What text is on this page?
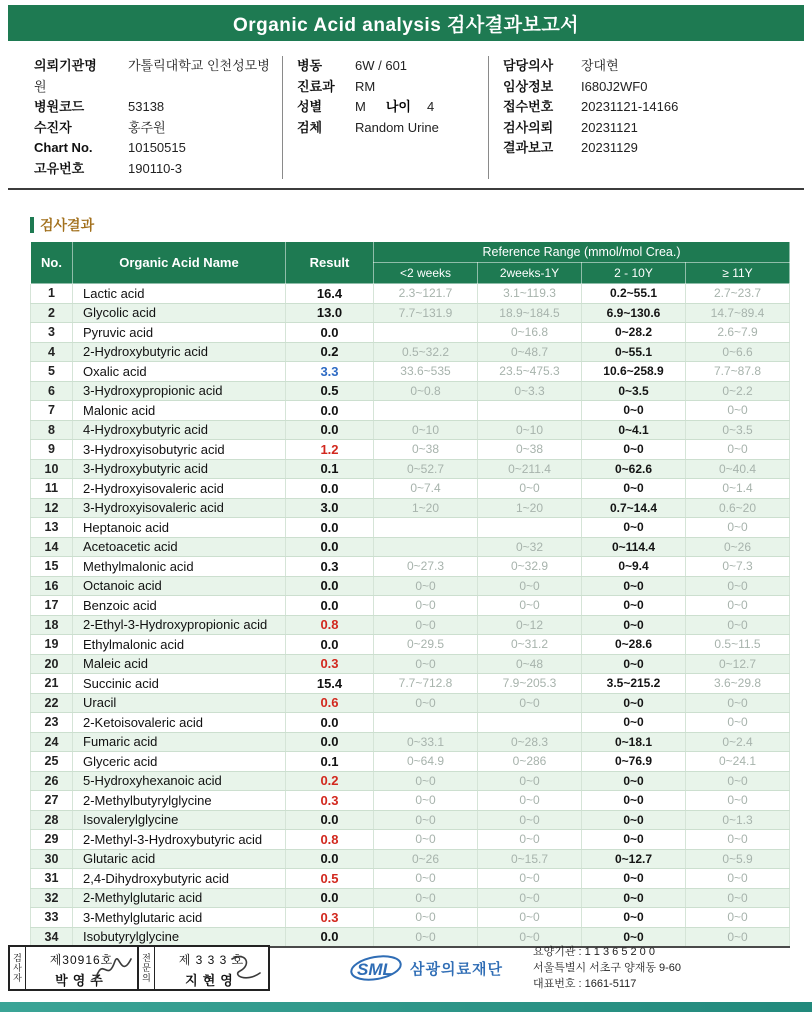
Organic Acid analysis 검사결과보고서
의뢰기관명 가톨릭대학교 인천성모병원
병원코드	53138
수진자	홍주원
Chart No.	10150515
고유번호	190110-3
병동	6W / 601
진료과 RM
성별	M 나이 4
검체	Random Urine
담당의사 장대현
임상정보 I680J2WF0
접수번호 20231121-14166
검사의뢰 20231121
결과보고 20231129
검사결과
No.	Organic Acid Name	Result	Reference Range (mmol/mol Crea.)			
			<2 weeks	2weeks-1Y	2 - 10Y	≥ 11Y
1	Lactic acid	16.4	2.3~121.7	3.1~119.3	0.2~55.1	2.7~23.7
2	Glycolic acid	13.0	7.7~131.9	18.9~184.5	6.9~130.6	14.7~89.4
3	Pyruvic acid	0.0		0~16.8	0~28.2	2.6~7.9
4	2-Hydroxybutyric acid	0.2	0.5~32.2	0~48.7	0~55.1	0~6.6
5	Oxalic acid	3.3	33.6~535	23.5~475.3	10.6~258.9	7.7~87.8
6	3-Hydroxypropionic acid	0.5	0~0.8	0~3.3	0~3.5	0~2.2
7	Malonic acid	0.0			0~0	0~0
8	4-Hydroxybutyric acid	0.0	0~10	0~10	0~4.1	0~3.5
9	3-Hydroxyisobutyric acid	1.2	0~38	0~38	0~0	0~0
10	3-Hydroxybutyric acid	0.1	0~52.7	0~211.4	0~62.6	0~40.4
11	2-Hydroxyisovaleric acid	0.0	0~7.4	0~0	0~0	0~1.4
12	3-Hydroxyisovaleric acid	3.0	1~20	1~20	0.7~14.4	0.6~20
13	Heptanoic acid	0.0			0~0	0~0
14	Acetoacetic acid	0.0		0~32	0~114.4	0~26
15	Methylmalonic acid	0.3	0~27.3	0~32.9	0~9.4	0~7.3
16	Octanoic acid	0.0	0~0	0~0	0~0	0~0
17	Benzoic acid	0.0	0~0	0~0	0~0	0~0
18	2-Ethyl-3-Hydroxypropionic acid	0.8	0~0	0~12	0~0	0~0
19	Ethylmalonic acid	0.0	0~29.5	0~31.2	0~28.6	0.5~11.5
20	Maleic acid	0.3	0~0	0~48	0~0	0~12.7
21	Succinic acid	15.4	7.7~712.8	7.9~205.3	3.5~215.2	3.6~29.8
22	Uracil	0.6	0~0	0~0	0~0	0~0
23	2-Ketoisovaleric acid	0.0			0~0	0~0
24	Fumaric acid	0.0	0~33.1	0~28.3	0~18.1	0~2.4
25	Glyceric acid	0.1	0~64.9	0~286	0~76.9	0~24.1
26	5-Hydroxyhexanoic acid	0.2	0~0	0~0	0~0	0~0
27	2-Methylbutyrylglycine	0.3	0~0	0~0	0~0	0~0
28	Isovalerylglycine	0.0	0~0	0~0	0~0	0~1.3
29	2-Methyl-3-Hydroxybutyric acid	0.8	0~0	0~0	0~0	0~0
30	Glutaric acid	0.0	0~26	0~15.7	0~12.7	0~5.9
31	2,4-Dihydroxybutyric acid	0.5	0~0	0~0	0~0	0~0
32	2-Methylglutaric acid	0.0	0~0	0~0	0~0	0~0
33	3-Methylglutaric acid	0.3	0~0	0~0	0~0	0~0
34	Isobutyrylglycine	0.0	0~0	0~0	0~0	0~0
검사자
제30916호
박영주
전문의
제 3 3 3 호
지현영
SML 삼광의료재단
요양기관 : 1 1 3 6 5 2 0 0
서울특별시 서초구 양재동 9-60
대표번호 : 1661-5117
